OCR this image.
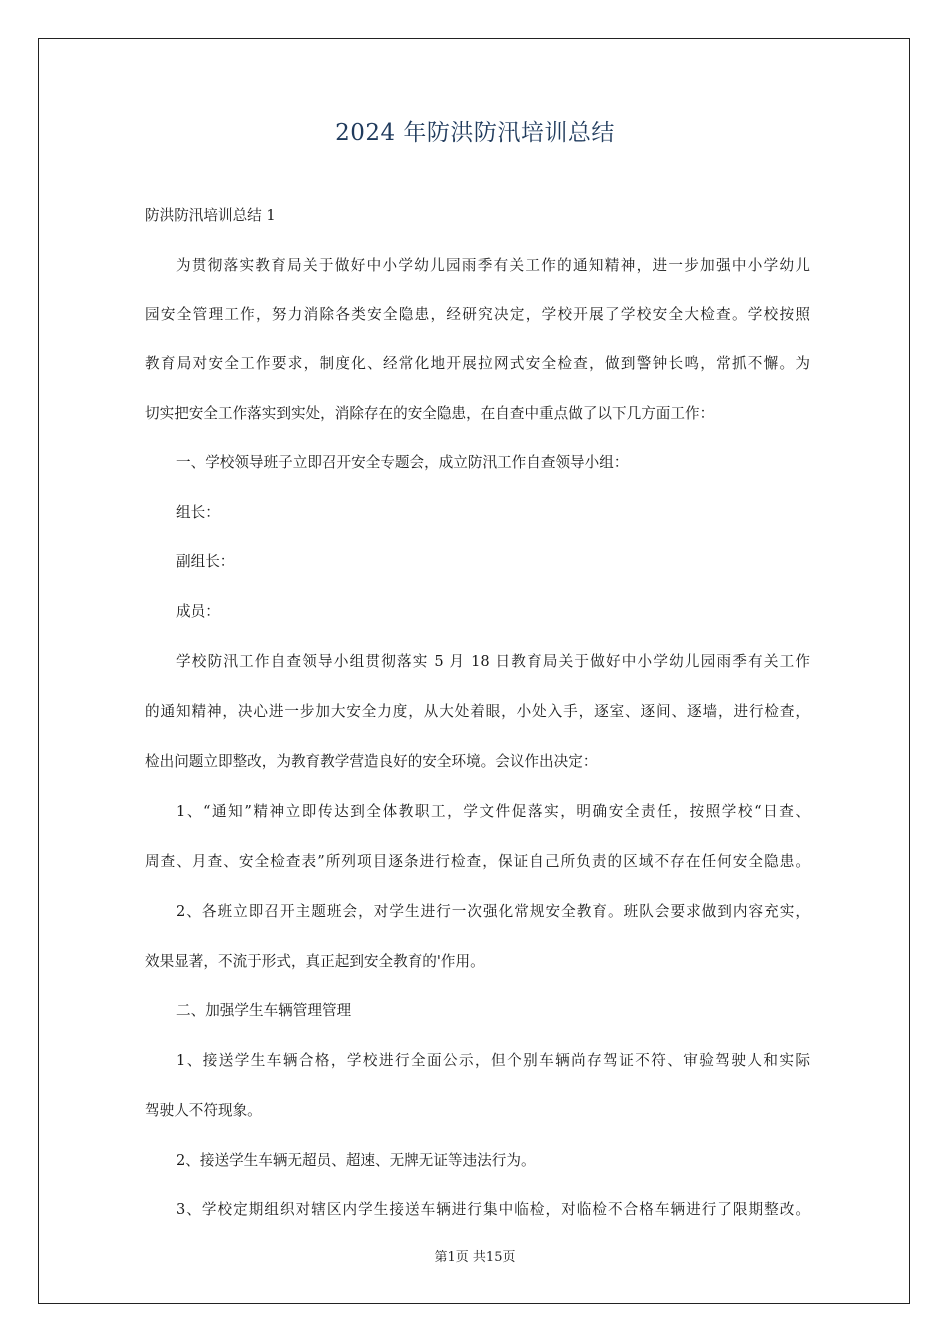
2024 年防洪防汛培训总结
防洪防汛培训总结 1
为贯彻落实教育局关于做好中小学幼儿园雨季有关工作的通知精神，进一步加强中小学幼儿
园安全管理工作，努力消除各类安全隐患，经研究决定，学校开展了学校安全大检查。学校按照
教育局对安全工作要求，制度化、经常化地开展拉网式安全检查，做到警钟长鸣，常抓不懈。为
切实把安全工作落实到实处，消除存在的安全隐患，在自查中重点做了以下几方面工作：
一、学校领导班子立即召开安全专题会，成立防汛工作自查领导小组：
组长：
副组长：
成员：
学校防汛工作自查领导小组贯彻落实 5 月 18 日教育局关于做好中小学幼儿园雨季有关工作
的通知精神，决心进一步加大安全力度，从大处着眼，小处入手，逐室、逐间、逐墙，进行检查，
检出问题立即整改，为教育教学营造良好的安全环境。会议作出决定：
1、“通知”精神立即传达到全体教职工，学文件促落实，明确安全责任，按照学校“日查、
周查、月查、安全检查表”所列项目逐条进行检查，保证自己所负责的区域不存在任何安全隐患。
2、各班立即召开主题班会，对学生进行一次强化常规安全教育。班队会要求做到内容充实，
效果显著，不流于形式，真正起到安全教育的'作用。
二、加强学生车辆管理管理
1、接送学生车辆合格，学校进行全面公示，但个别车辆尚存驾证不符、审验驾驶人和实际
驾驶人不符现象。
2、接送学生车辆无超员、超速、无牌无证等违法行为。
3、学校定期组织对辖区内学生接送车辆进行集中临检，对临检不合格车辆进行了限期整改。
第1页 共15页
